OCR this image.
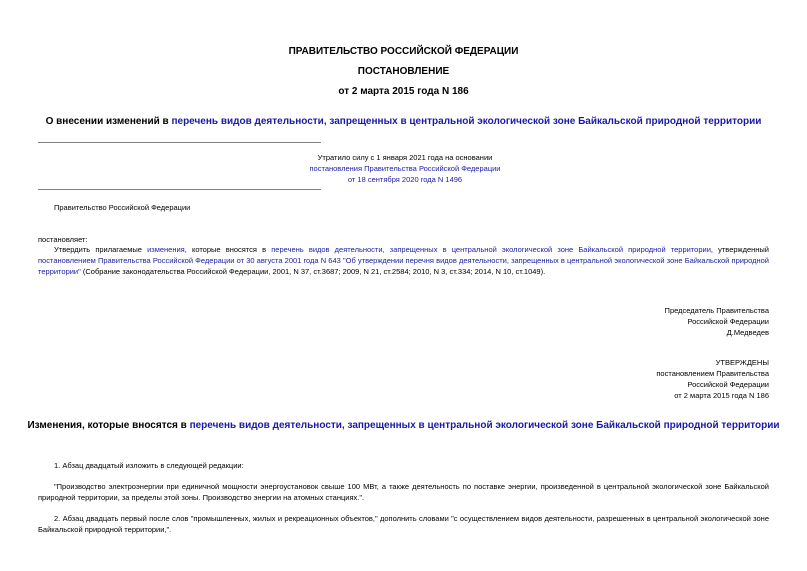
ПРАВИТЕЛЬСТВО РОССИЙСКОЙ ФЕДЕРАЦИИ
ПОСТАНОВЛЕНИЕ
от 2 марта 2015 года N 186
О внесении изменений в перечень видов деятельности, запрещенных в центральной экологической зоне Байкальской природной территории
Утратило силу с 1 января 2021 года на основании
постановления Правительства Российской Федерации
от 18 сентября 2020 года N 1496
Правительство Российской Федерации
постановляет:
Утвердить прилагаемые изменения, которые вносятся в перечень видов деятельности, запрещенных в центральной экологической зоне Байкальской природной территории, утвержденный постановлением Правительства Российской Федерации от 30 августа 2001 года N 643 "Об утверждении перечня видов деятельности, запрещенных в центральной экологической зоне Байкальской природной территории" (Собрание законодательства Российской Федерации, 2001, N 37, ст.3687; 2009, N 21, ст.2584; 2010, N 3, ст.334; 2014, N 10, ст.1049).
Председатель Правительства
Российской Федерации
Д.Медведев
УТВЕРЖДЕНЫ
постановлением Правительства
Российской Федерации
от 2 марта 2015 года N 186
Изменения, которые вносятся в перечень видов деятельности, запрещенных в центральной экологической зоне Байкальской природной территории
1. Абзац двадцатый изложить в следующей редакции:
"Производство электроэнергии при единичной мощности энергоустановок свыше 100 МВт, а также деятельность по поставке энергии, произведенной в центральной экологической зоне Байкальской природной территории, за пределы этой зоны. Производство энергии на атомных станциях.".
2. Абзац двадцать первый после слов "промышленных, жилых и рекреационных объектов," дополнить словами "с осуществлением видов деятельности, разрешенных в центральной экологической зоне Байкальской природной территории,".
